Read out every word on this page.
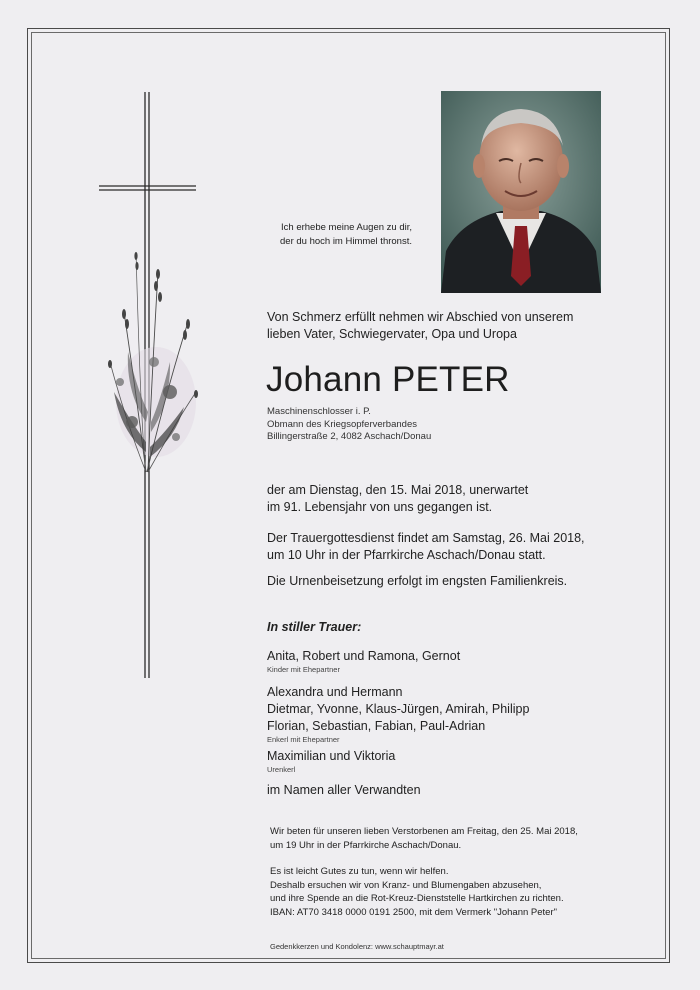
Ich erhebe meine Augen zu dir,
der du hoch im Himmel thronst.
Von Schmerz erfüllt nehmen wir Abschied von unserem
lieben Vater, Schwiegervater, Opa und Uropa
Johann PETER
Maschinenschlosser i. P.
Obmann des Kriegsopferverbandes
Billingerstraße 2, 4082 Aschach/Donau
der am Dienstag, den 15. Mai 2018, unerwartet
im 91. Lebensjahr von uns gegangen ist.
Der Trauergottesdienst findet am Samstag, 26. Mai 2018,
um 10 Uhr in der Pfarrkirche Aschach/Donau statt.
Die Urnenbeisetzung erfolgt im engsten Familienkreis.
In stiller Trauer:
Anita, Robert und Ramona, Gernot
Kinder mit Ehepartner
Alexandra und Hermann
Dietmar, Yvonne, Klaus-Jürgen, Amirah, Philipp
Florian, Sebastian, Fabian, Paul-Adrian
Enkerl mit Ehepartner
Maximilian und Viktoria
Urenkerl
im Namen aller Verwandten
Wir beten für unseren lieben Verstorbenen am Freitag, den 25. Mai 2018,
um 19 Uhr in der Pfarrkirche Aschach/Donau.
Es ist leicht Gutes zu tun, wenn wir helfen.
Deshalb ersuchen wir von Kranz- und Blumengaben abzusehen,
und ihre Spende an die Rot-Kreuz-Dienststelle Hartkirchen zu richten.
IBAN: AT70 3418 0000 0191 2500, mit dem Vermerk "Johann Peter"
Gedenkkerzen und Kondolenz: www.schauptmayr.at
